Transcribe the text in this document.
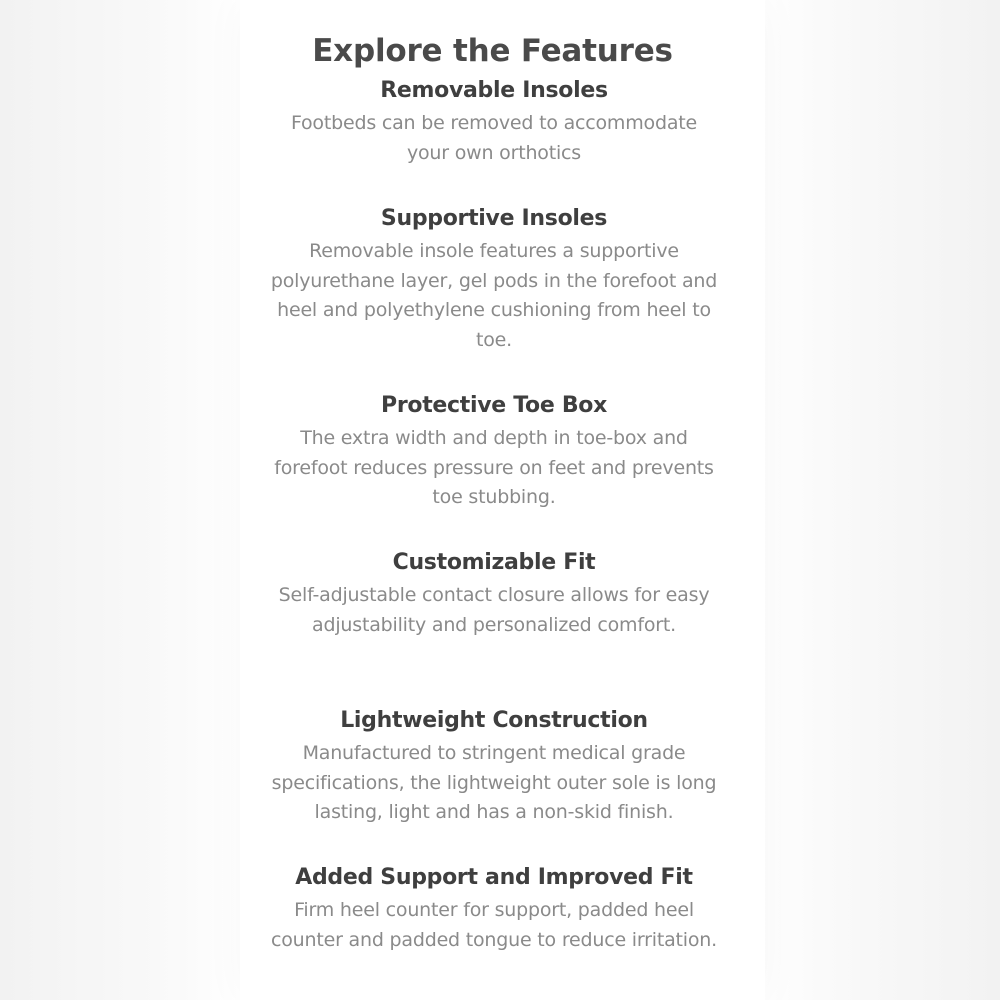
Explore the Features
Removable Insoles
Footbeds can be removed to accommodate your own orthotics
Supportive Insoles
Removable insole features a supportive polyurethane layer, gel pods in the forefoot and heel and polyethylene cushioning from heel to toe.
Protective Toe Box
The extra width and depth in toe-box and forefoot reduces pressure on feet and prevents toe stubbing.
Customizable Fit
Self-adjustable contact closure allows for easy adjustability and personalized comfort.
Lightweight Construction
Manufactured to stringent medical grade specifications, the lightweight outer sole is long lasting, light and has a non-skid finish.
Added Support and Improved Fit
Firm heel counter for support, padded heel counter and padded tongue to reduce irritation.
